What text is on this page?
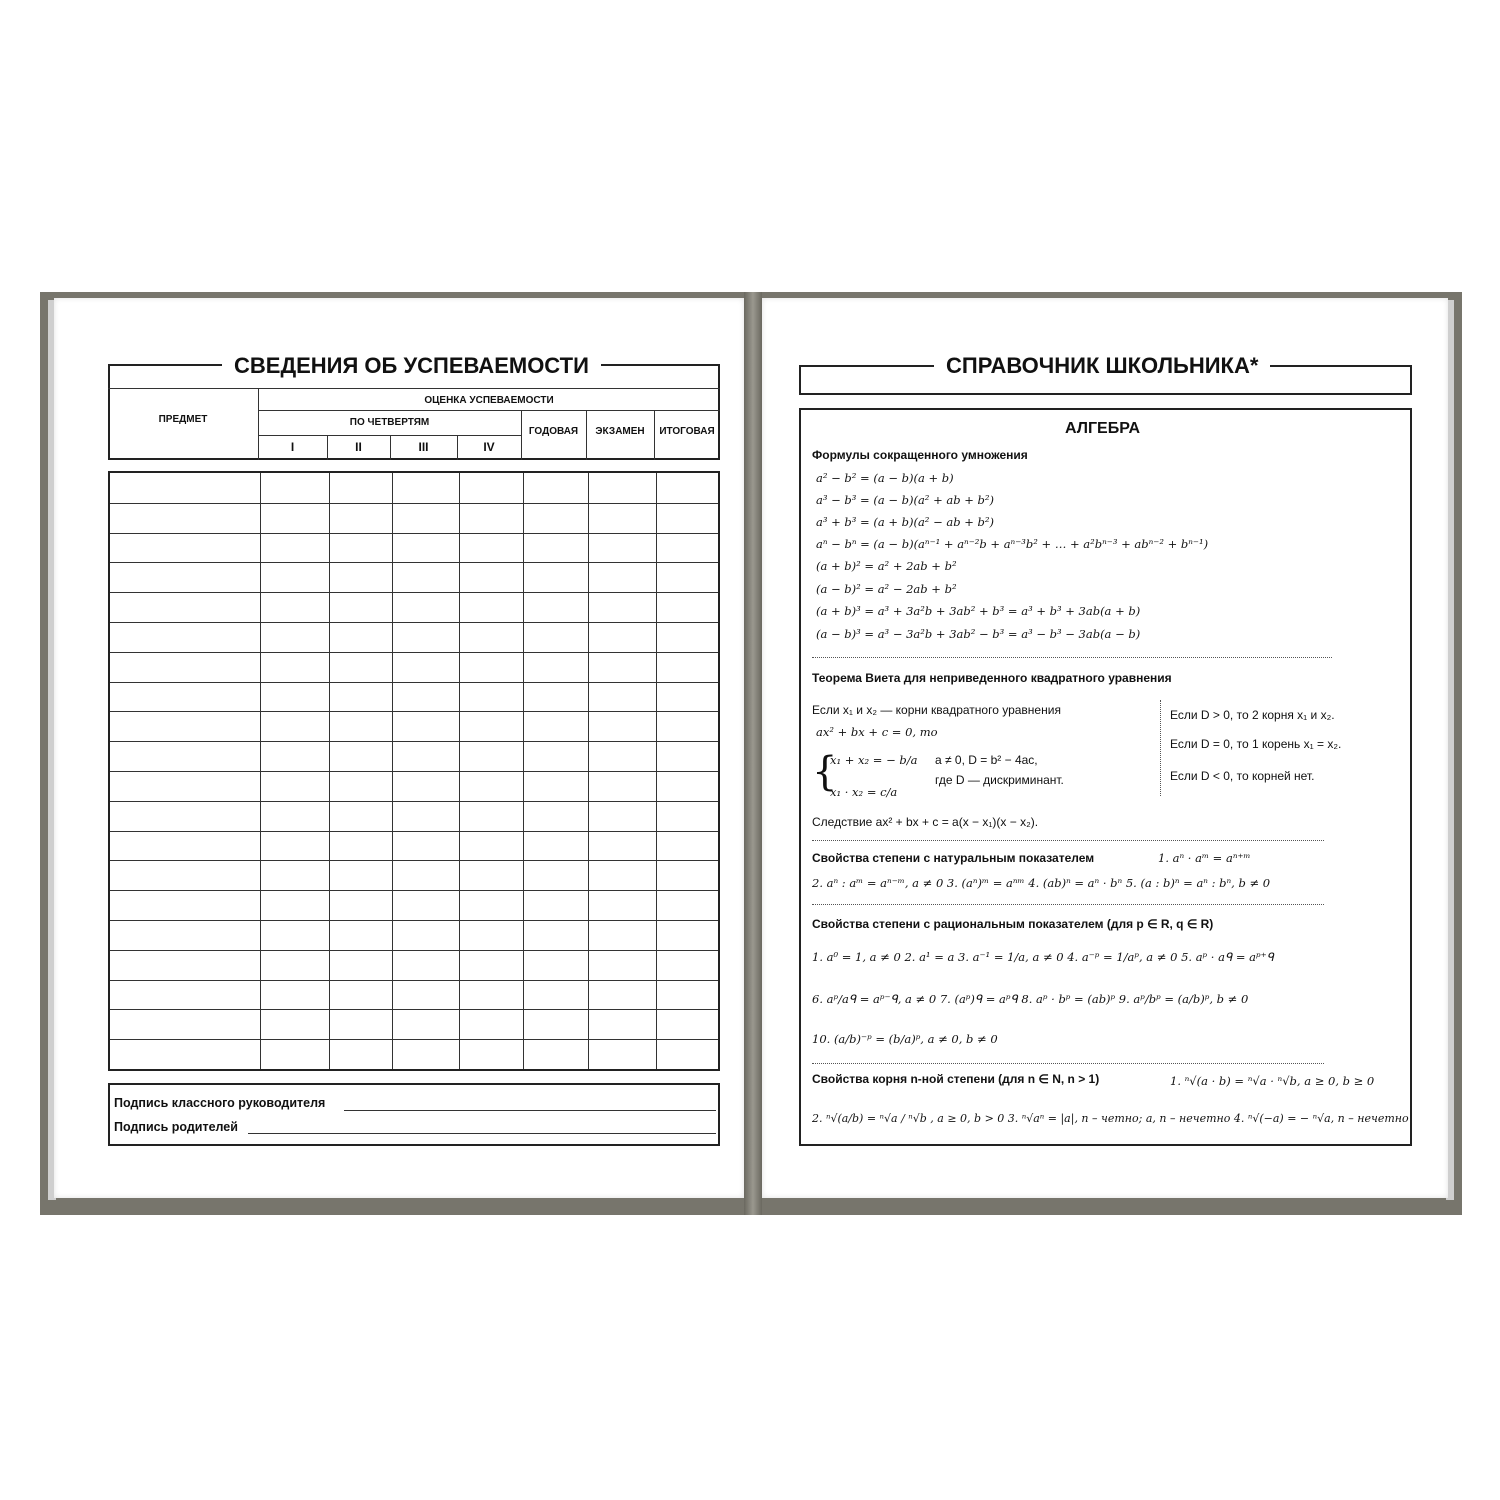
СВЕДЕНИЯ ОБ УСПЕВАЕМОСТИ
ПРЕДМЕТ
ОЦЕНКА УСПЕВАЕМОСТИ
ПО ЧЕТВЕРТЯМ
I	II	III	IV
ГОДОВАЯ	ЭКЗАМЕН	ИТОГОВАЯ
Подпись классного руководителя
Подпись родителей
СПРАВОЧНИК ШКОЛЬНИКА*
АЛГЕБРА
Формулы сокращенного умножения
a² − b² = (a − b)(a + b)
a³ − b³ = (a − b)(a² + ab + b²)
a³ + b³ = (a + b)(a² − ab + b²)
aⁿ − bⁿ = (a − b)(aⁿ⁻¹ + aⁿ⁻²b + aⁿ⁻³b² + … + a²bⁿ⁻³ + abⁿ⁻² + bⁿ⁻¹)
(a + b)² = a² + 2ab + b²
(a − b)² = a² − 2ab + b²
(a + b)³ = a³ + 3a²b + 3ab² + b³ = a³ + b³ + 3ab(a + b)
(a − b)³ = a³ − 3a²b + 3ab² − b³ = a³ − b³ − 3ab(a − b)
Теорема Виета для неприведенного квадратного уравнения
Если x₁ и x₂ — корни квадратного уравнения
ax² + bx + c = 0, то
{
x₁ + x₂ = − b/a
x₁ · x₂ = c/a
a ≠ 0, D = b² − 4ac,
где D — дискриминант.
Если D > 0, то 2 корня x₁ и x₂.
Если D = 0, то 1 корень x₁ = x₂.
Если D < 0, то корней нет.
Следствие ax² + bx + c = a(x − x₁)(x − x₂).
Свойства степени с натуральным показателем	1. aⁿ · aᵐ = aⁿ⁺ᵐ
2. aⁿ : aᵐ = aⁿ⁻ᵐ, a ≠ 0 3. (aⁿ)ᵐ = aⁿᵐ 4. (ab)ⁿ = aⁿ · bⁿ 5. (a : b)ⁿ = aⁿ : bⁿ, b ≠ 0
Свойства степени с рациональным показателем (для p ∈ R, q ∈ R)
1. a⁰ = 1, a ≠ 0 2. a¹ = a 3. a⁻¹ = 1/a, a ≠ 0 4. a⁻ᵖ = 1/aᵖ, a ≠ 0 5. aᵖ · aᑫ = aᵖ⁺ᑫ
6. aᵖ/aᑫ = aᵖ⁻ᑫ, a ≠ 0 7. (aᵖ)ᑫ = aᵖᑫ 8. aᵖ · bᵖ = (ab)ᵖ 9. aᵖ/bᵖ = (a/b)ᵖ, b ≠ 0
10. (a/b)⁻ᵖ = (b/a)ᵖ, a ≠ 0, b ≠ 0
Свойства корня n-ной степени (для n ∈ N, n > 1)	1. ⁿ√(a · b) = ⁿ√a · ⁿ√b, a ≥ 0, b ≥ 0
2. ⁿ√(a/b) = ⁿ√a / ⁿ√b , a ≥ 0, b > 0 3. ⁿ√aⁿ = |a|, n – четно; a, n – нечетно 4. ⁿ√(−a) = − ⁿ√a, n – нечетно
